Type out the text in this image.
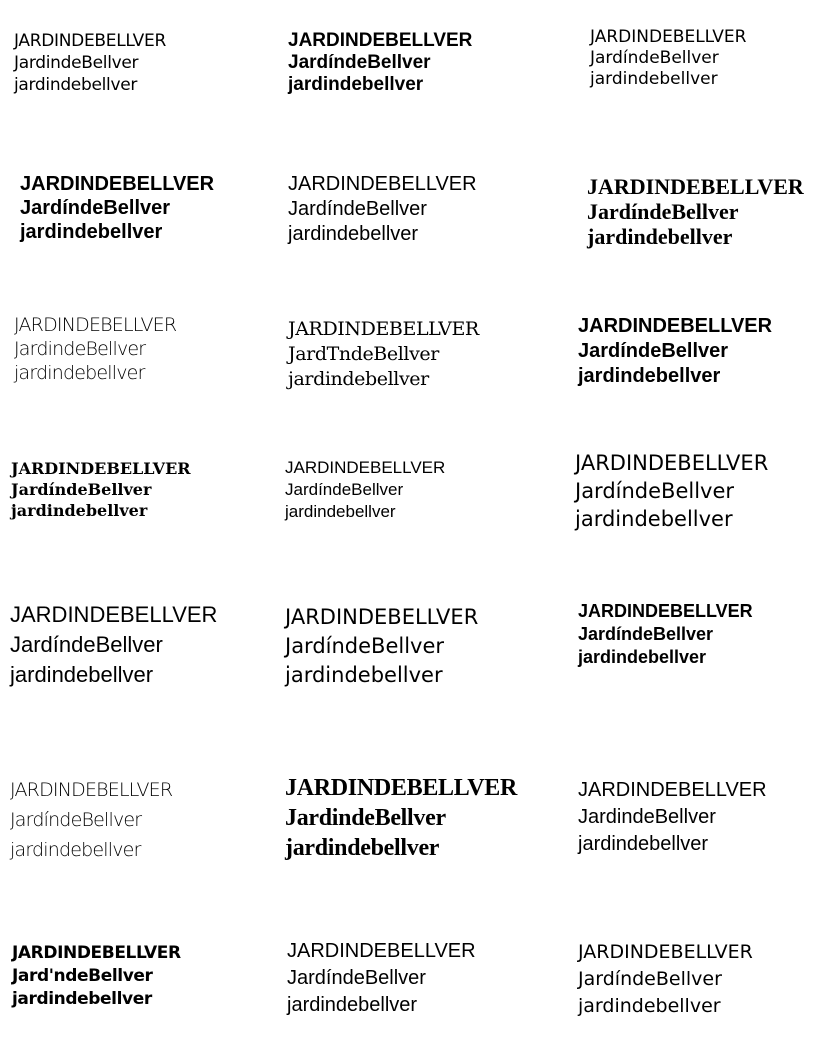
JARDINDEBELLVER
JardindeBellver
jardindebellver
JARDINDEBELLVER
JardíndeBellver
jardindebellver
JARDINDEBELLVER
JardíndeBellver
jardindebellver
JARDINDEBELLVER
JardíndeBellver
jardindebellver
JARDINDEBELLVER
JardíndeBellver
jardindebellver
JARDINDEBELLVER
JardíndeBellver
jardindebellver
JARDINDEBELLVER
JardindeBellver
jardindebellver
JARDINDEBELLVER
JardTndeBellver
jardindebellver
JARDINDEBELLVER
JardíndeBellver
jardindebellver
JARDINDEBELLVER
JardíndeBellver
jardindebellver
JARDINDEBELLVER
JardíndeBellver
jardindebellver
JARDINDEBELLVER
JardíndeBellver
jardindebellver
JARDINDEBELLVER
JardíndeBellver
jardindebellver
JARDINDEBELLVER
JardíndeBellver
jardindebellver
JARDINDEBELLVER
JardíndeBellver
jardindebellver
JARDINDEBELLVER
JardíndeBellver
jardindebellver
JARDINDEBELLVER
JardindeBellver
jardindebellver
JARDINDEBELLVER
JardindeBellver
jardindebellver
JARDINDEBELLVER
Jard'ndeBellver
jardindebellver
JARDINDEBELLVER
JardíndeBellver
jardindebellver
JARDINDEBELLVER
JardíndeBellver
jardindebellver
